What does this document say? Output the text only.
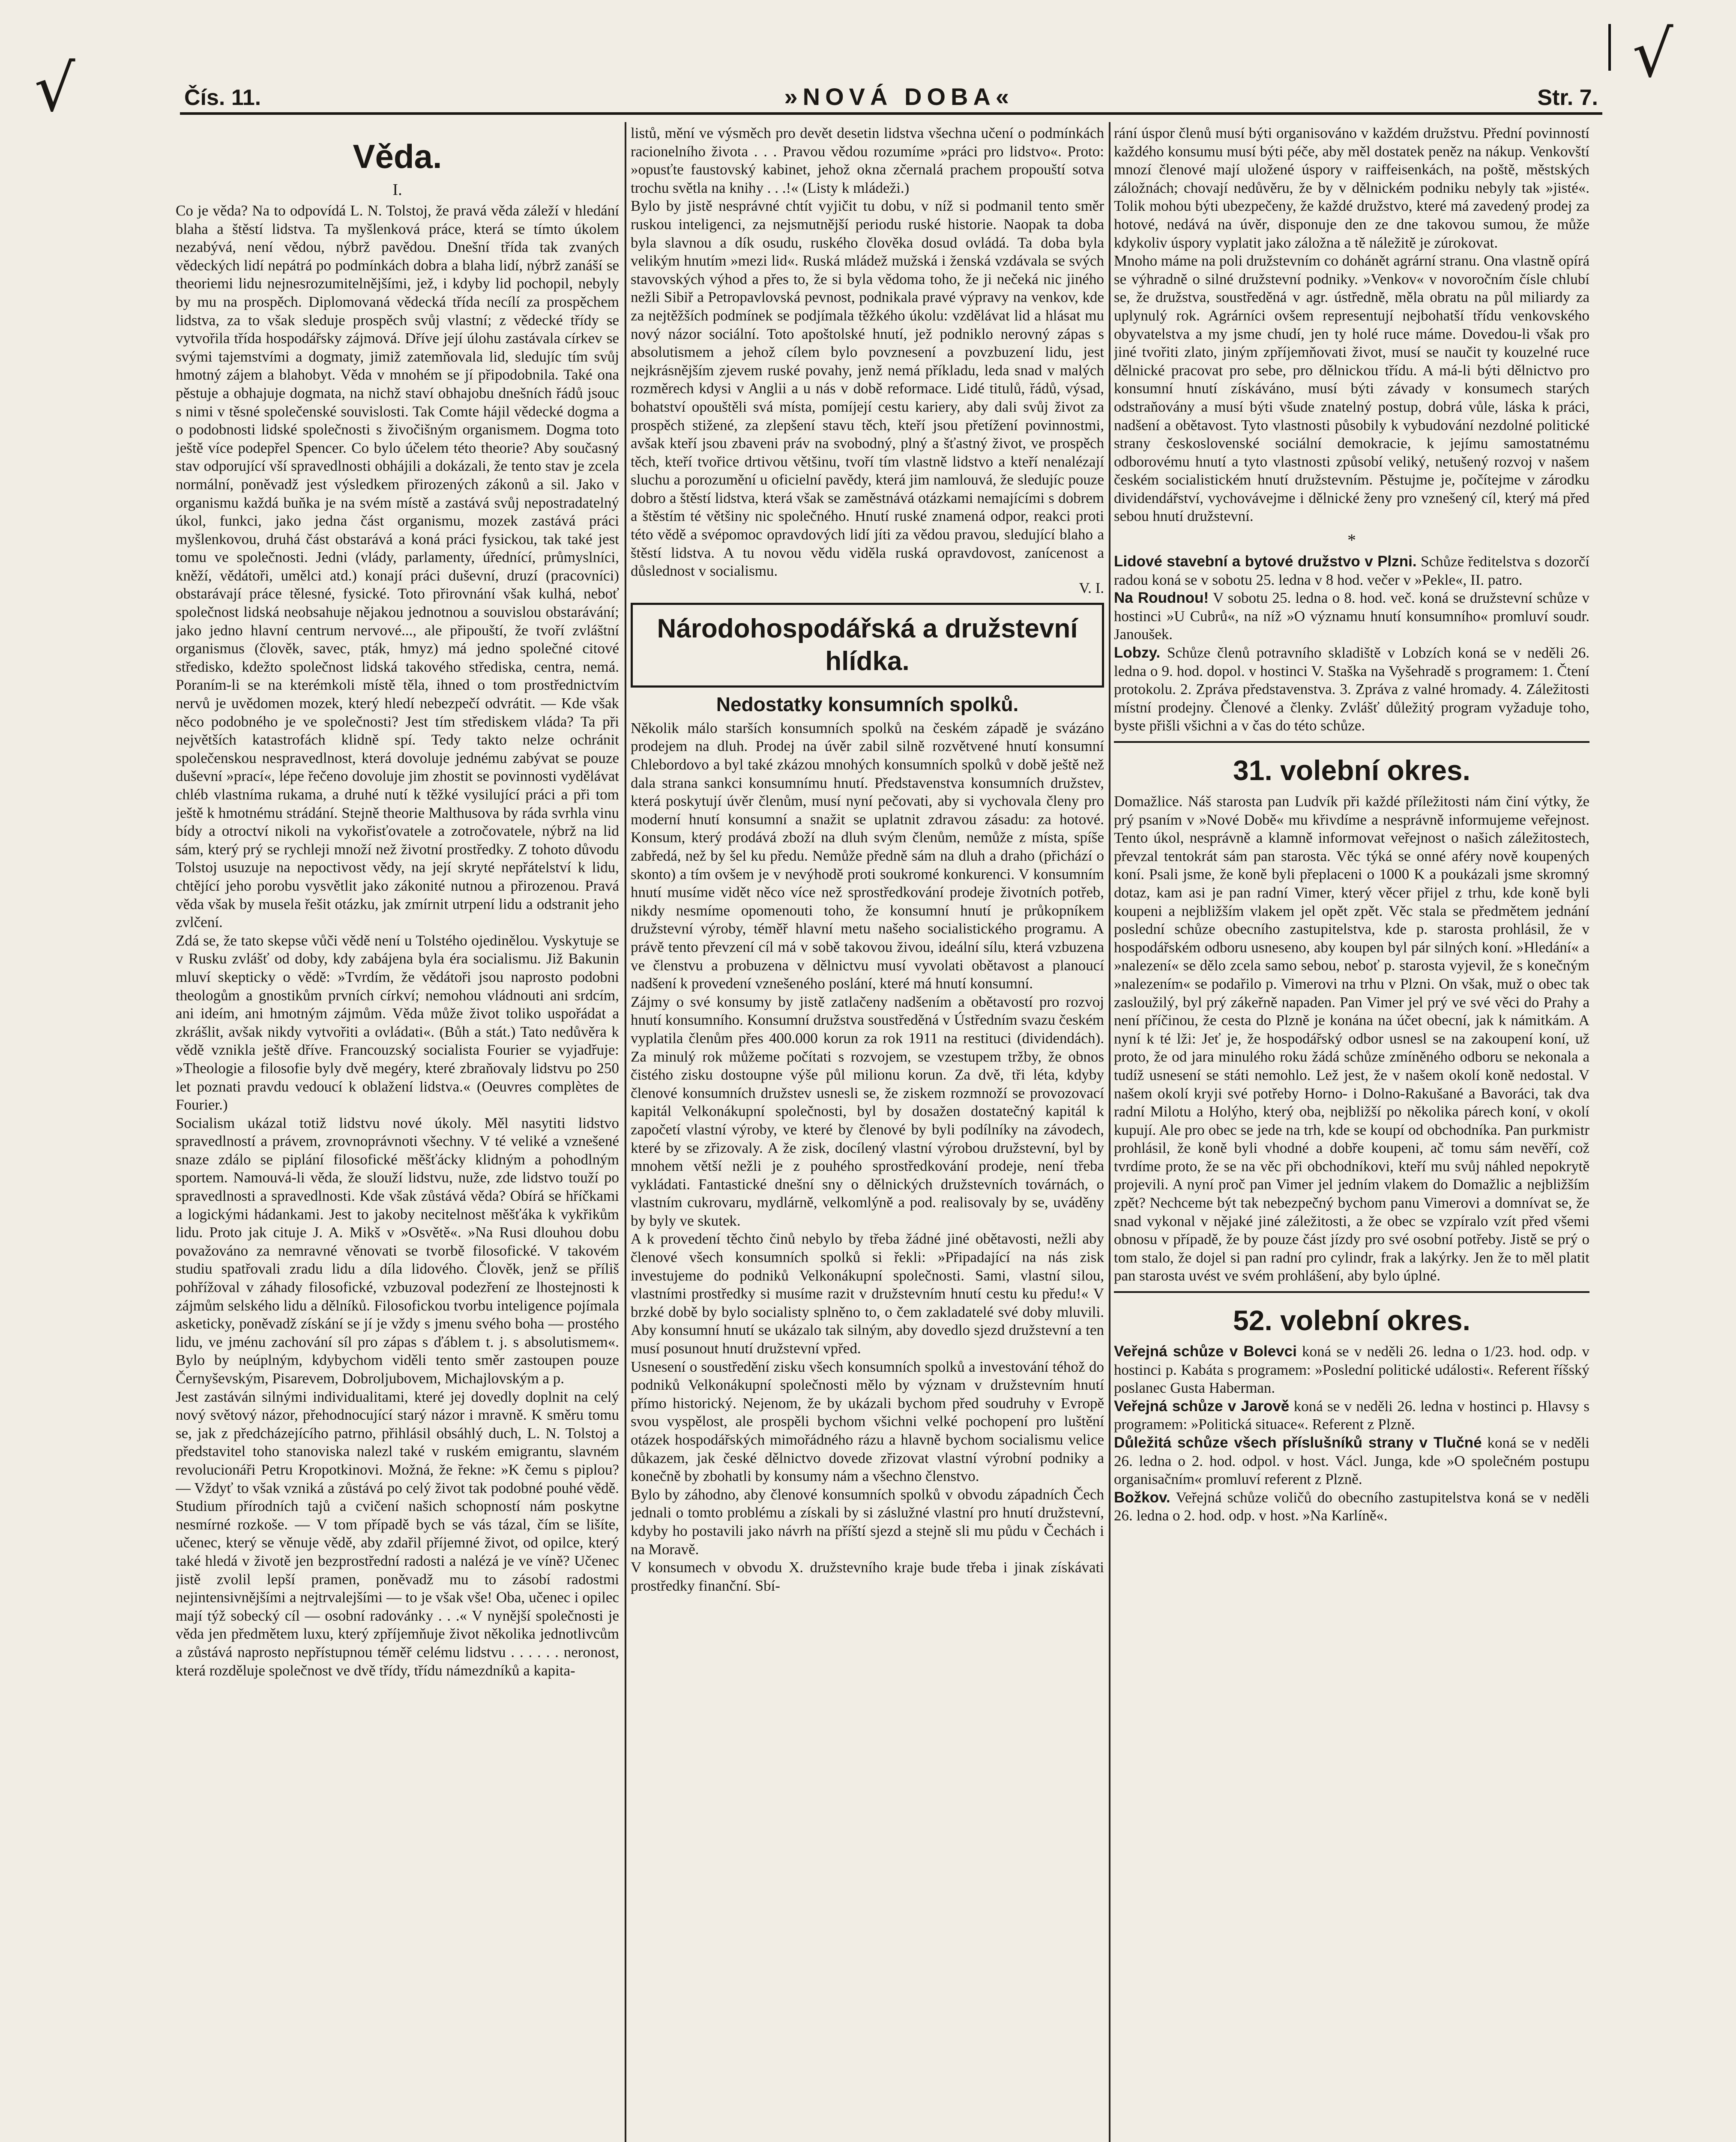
√	√
|
Čís. 11.	»NOVÁ DOBA«	Str. 7.
Věda.
I.

Co je věda? Na to odpovídá L. N. Tolstoj, že pravá věda záleží v hledání blaha a štěstí lidstva. Ta myšlenková práce, která se tímto úkolem nezabývá, není vědou, nýbrž pavědou. Dnešní třída tak zvaných vědeckých lidí nepátrá po podmínkách dobra a blaha lidí, nýbrž zanáší se theoriemi lidu nejnesrozumitelnějšími, jež, i kdyby lid pochopil, nebyly by mu na prospěch. Diplomovaná vědecká třída necílí za prospěchem lidstva, za to však sleduje prospěch svůj vlastní; z vědecké třídy se vytvořila třída hospodářsky zájmová. Dříve její úlohu zastávala církev se svými tajemstvími a dogmaty, jimiž zatemňovala lid, sledujíc tím svůj hmotný zájem a blahobyt. Věda v mnohém se jí připodobnila. Také ona pěstuje a obhajuje dogmata, na nichž staví obhajobu dnešních řádů jsouc s nimi v těsné společenské souvislosti. Tak Comte hájil vědecké dogma a o podobnosti lidské společnosti s živočišným organismem. Dogma toto ještě více podepřel Spencer. Co bylo účelem této theorie? Aby současný stav odporující vší spravedlnosti obhájili a dokázali, že tento stav je zcela normální, poněvadž jest výsledkem přirozených zákonů a sil. Jako v organismu každá buňka je na svém místě a zastává svůj nepostradatelný úkol, funkci, jako jedna část organismu, mozek zastává práci myšlenkovou, druhá část obstarává a koná práci fysickou, tak také jest tomu ve společnosti. Jedni (vlády, parlamenty, úřednící, průmyslníci, kněží, vědátoři, umělci atd.) konají práci duševní, druzí (pracovníci) obstarávají práce tělesné, fysické. Toto přirovnání však kulhá, neboť společnost lidská neobsahuje nějakou jednotnou a souvislou obstarávání; jako jedno hlavní centrum nervové..., ale připouští, že tvoří zvláštní organismus (člověk, savec, pták, hmyz) má jedno společné citové středisko, kdežto společnost lidská takového střediska, centra, nemá. Poraním-li se na kterémkoli místě těla, ihned o tom prostřednictvím nervů je uvědomen mozek, který hledí nebezpečí odvrátit. — Kde však něco podobného je ve společnosti? Jest tím střediskem vláda? Ta při největších katastrofách klidně spí. Tedy takto nelze ochránit společenskou nespravedlnost, která dovoluje jednému zabývat se pouze duševní »prací«, lépe řečeno dovoluje jim zhostit se povinnosti vydělávat chléb vlastníma rukama, a druhé nutí k těžké vysilující práci a při tom ještě k hmotnému strádání. Stejně theorie Malthusova by ráda svrhla vinu bídy a otroctví nikoli na vykořisťovatele a zotročovatele, nýbrž na lid sám, který prý se rychleji množí než životní prostředky. Z tohoto důvodu Tolstoj usuzuje na nepoctivost vědy, na její skryté nepřátelství k lidu, chtějící jeho porobu vysvětlit jako zákonité nutnou a přirozenou. Pravá věda však by musela řešit otázku, jak zmírnit utrpení lidu a odstranit jeho zvlčení.

Zdá se, že tato skepse vůči vědě není u Tolstého ojedinělou. Vyskytuje se v Rusku zvlášť od doby, kdy zabájena byla éra socialismu. Již Bakunin mluví skepticky o vědě: »Tvrdím, že vědátoři jsou naprosto podobni theologům a gnostikům prvních církví; nemohou vládnouti ani srdcím, ani ideím, ani hmotným zájmům. Věda může život toliko uspořádat a zkrášlit, avšak nikdy vytvořiti a ovládati«. (Bůh a stát.) Tato nedůvěra k vědě vznikla ještě dříve. Francouzský socialista Fourier se vyjadřuje: »Theologie a filosofie byly dvě megéry, které zbraňovaly lidstvu po 250 let poznati pravdu vedoucí k oblažení lidstva.« (Oeuvres complètes de Fourier.)

Socialism ukázal totiž lidstvu nové úkoly. Měl nasytiti lidstvo spravedlností a právem, zrovnoprávnoti všechny. V té veliké a vznešené snaze zdálo se piplání filosofické měšťácky klidným a pohodlným sportem. Namouvá-li věda, že slouží lidstvu, nuže, zde lidstvo touží po spravedlnosti a spravedlnosti. Kde však zůstává věda? Obírá se hříčkami a logickými hádankami. Jest to jakoby necitelnost měšťáka k vykřikům lidu. Proto jak cituje J. A. Mikš v »Osvětě«. »Na Rusi dlouhou dobu považováno za nemravné věnovati se tvorbě filosofické. V takovém studiu spatřovali zradu lidu a díla lidového. Člověk, jenž se příliš pohřížoval v záhady filosofické, vzbuzoval podezření ze lhostejnosti k zájmům selského lidu a dělníků. Filosofickou tvorbu inteligence pojímala asketicky, poněvadž získání se jí je vždy s jmenu svého boha — prostého lidu, ve jménu zachování síl pro zápas s ďáblem t. j. s absolutismem«. Bylo by neúplným, kdybychom viděli tento směr zastoupen pouze Černyševským, Pisarevem, Dobroljubovem, Michajlovským a p.

Jest zastáván silnými individualitami, které jej dovedly doplnit na celý nový světový názor, přehodnocující starý názor i mravně. K směru tomu se, jak z předcházejícího patrno, přihlásil obsáhlý duch, L. N. Tolstoj a představitel toho stanoviska nalezl také v ruském emigrantu, slavném revolucionáři Petru Kropotkinovi. Možná, že řekne: »K čemu s piplou? — Vždyť to však vzniká a zůstává po celý život tak podobné pouhé vědě. Studium přírodních tajů a cvičení našich schopností nám poskytne nesmírné rozkoše. — V tom případě bych se vás tázal, čím se lišíte, učenec, který se věnuje vědě, aby zdařil příjemné život, od opilce, který také hledá v životě jen bezprostřední radosti a nalézá je ve víně? Učenec jistě zvolil lepší pramen, poněvadž mu to zásobí radostmi nejintensivnějšími a nejtrvalejšími — to je však vše! Oba, učenec i opilec mají týž sobecký cíl — osobní radovánky . . .« V nynější společnosti je věda jen předmětem luxu, který zpříjemňuje život několika jednotlivcům a zůstává naprosto nepřístupnou téměř celému lidstvu . . . . . . neronost, která rozděluje společnost ve dvě třídy, třídu námezdníků a kapita-

listů, mění ve výsměch pro devět desetin lidstva všechna učení o podmínkách racionelního života . . . Pravou vědou rozumíme »práci pro lidstvo«. Proto: »opusťte faustovský kabinet, jehož okna zčernalá prachem propouští sotva trochu světla na knihy . . .!« (Listy k mládeži.)

Bylo by jistě nesprávné chtít vyjičit tu dobu, v níž si podmanil tento směr ruskou inteligenci, za nejsmutnější periodu ruské historie. Naopak ta doba byla slavnou a dík osudu, ruského člověka dosud ovládá. Ta doba byla velikým hnutím »mezi lid«. Ruská mládež mužská i ženská vzdávala se svých stavovských výhod a přes to, že si byla vědoma toho, že ji nečeká nic jiného nežli Sibiř a Petropavlovská pevnost, podnikala pravé výpravy na venkov, kde za nejtěžších podmínek se podjímala těžkého úkolu: vzdělávat lid a hlásat mu nový názor sociální. Toto apoštolské hnutí, jež podniklo nerovný zápas s absolutismem a jehož cílem bylo povznesení a povzbuzení lidu, jest nejkrásnějším zjevem ruské povahy, jenž nemá příkladu, leda snad v malých rozměrech kdysi v Anglii a u nás v době reformace. Lidé titulů, řádů, výsad, bohatství opouštěli svá místa, pomíjejí cestu kariery, aby dali svůj život za prospěch stižené, za zlepšení stavu těch, kteří jsou přetížení povinnostmi, avšak kteří jsou zbaveni práv na svobodný, plný a šťastný život, ve prospěch těch, kteří tvořice drtivou většinu, tvoří tím vlastně lidstvo a kteří nenalézají sluchu a porozumění u oficielní pavědy, která jim namlouvá, že sledujíc pouze dobro a štěstí lidstva, která však se zaměstnává otázkami nemajícími s dobrem a štěstím té většiny nic společného. Hnutí ruské znamená odpor, reakci proti této vědě a svépomoc opravdových lidí jíti za vědou pravou, sledující blaho a štěstí lidstva. A tu novou vědu viděla ruská opravdovost, zanícenost a důslednost v socialismu.

V. I.
Národohospodářská a družstevní hlídka.
Nedostatky konsumních spolků.

Několik málo starších konsumních spolků na českém západě je svázáno prodejem na dluh. Prodej na úvěr zabil silně rozvětvené hnutí konsumní Chlebordovo a byl také zkázou mnohých konsumních spolků v době ještě než dala strana sankci konsumnímu hnutí. Představenstva konsumních družstev, která poskytují úvěr členům, musí nyní pečovati, aby si vychovala členy pro moderní hnutí konsumní a snažit se uplatnit zdravou zásadu: za hotové. Konsum, který prodává zboží na dluh svým členům, nemůže z místa, spíše zabředá, než by šel ku předu. Nemůže předně sám na dluh a draho (přichází o skonto) a tím ovšem je v nevýhodě proti soukromé konkurenci. V konsumním hnutí musíme vidět něco více než sprostředkování prodeje životních potřeb, nikdy nesmíme opomenouti toho, že konsumní hnutí je průkopníkem družstevní výroby, téměř hlavní metu našeho socialistického programu. A právě tento převzení cíl má v sobě takovou živou, ideální sílu, která vzbuzena ve členstvu a probuzena v dělnictvu musí vyvolati obětavost a planoucí nadšení k provedení vznešeného poslání, které má hnutí konsumní.

Zájmy o své konsumy by jistě zatlačeny nadšením a obětavostí pro rozvoj hnutí konsumního. Konsumní družstva soustředěná v Ústředním svazu českém vyplatila členům přes 400.000 korun za rok 1911 na restituci (dividendách). Za minulý rok můžeme počítati s rozvojem, se vzestupem tržby, že obnos čistého zisku dostoupne výše půl milionu korun. Za dvě, tři léta, kdyby členové konsumních družstev usnesli se, že ziskem rozmnoží se provozovací kapitál Velkonákupní společnosti, byl by dosažen dostatečný kapitál k započetí vlastní výroby, ve které by členové by byli podílníky na závodech, které by se zřizovaly. A že zisk, docílený vlastní výrobou družstevní, byl by mnohem větší nežli je z pouhého sprostředkování prodeje, není třeba vykládati. Fantastické dnešní sny o dělnických družstevních továrnách, o vlastním cukrovaru, mydlárně, velkomlýně a pod. realisovaly by se, uváděny by byly ve skutek.

A k provedení těchto činů nebylo by třeba žádné jiné obětavosti, nežli aby členové všech konsumních spolků si řekli: »Připadající na nás zisk investujeme do podniků Velkonákupní společnosti. Sami, vlastní silou, vlastními prostředky si musíme razit v družstevním hnutí cestu ku předu!« V brzké době by bylo socialisty splněno to, o čem zakladatelé své doby mluvili. Aby konsumní hnutí se ukázalo tak silným, aby dovedlo sjezd družstevní a ten musí posunout hnutí družstevní vpřed.

Usnesení o soustředění zisku všech konsumních spolků a investování téhož do podniků Velkonákupní společnosti mělo by význam v družstevním hnutí přímo historický. Nejenom, že by ukázali bychom před soudruhy v Evropě svou vyspělost, ale prospěli bychom všichni velké pochopení pro luštění otázek hospodářských mimořádného rázu a hlavně bychom socialismu velice důkazem, jak české dělnictvo dovede zřizovat vlastní výrobní podniky a konečně by zbohatli by konsumy nám a všechno členstvo.

Bylo by záhodno, aby členové konsumních spolků v obvodu západních Čech jednali o tomto problému a získali by si záslužné vlastní pro hnutí družstevní, kdyby ho postavili jako návrh na příští sjezd a stejně sli mu půdu v Čechách i na Moravě.

V konsumech v obvodu X. družstevního kraje bude třeba i jinak získávati prostředky finanční. Sbí-

rání úspor členů musí býti organisováno v každém družstvu. Přední povinností každého konsumu musí býti péče, aby měl dostatek peněz na nákup. Venkovští mnozí členové mají uložené úspory v raiffeisenkách, na poště, městských záložnách; chovají nedůvěru, že by v dělnickém podniku nebyly tak »jisté«. Tolik mohou býti ubezpečeny, že každé družstvo, které má zavedený prodej za hotové, nedává na úvěr, disponuje den ze dne takovou sumou, že může kdykoliv úspory vyplatit jako záložna a tě náležitě je zúrokovat.

Mnoho máme na poli družstevním co dohánět agrární stranu. Ona vlastně opírá se výhradně o silné družstevní podniky. »Venkov« v novoročním čísle chlubí se, že družstva, soustředěná v agr. ústředně, měla obratu na půl miliardy za uplynulý rok. Agrárníci ovšem representují nejbohatší třídu venkovského obyvatelstva a my jsme chudí, jen ty holé ruce máme. Dovedou-li však pro jiné tvořiti zlato, jiným zpříjemňovati život, musí se naučit ty kouzelné ruce dělnické pracovat pro sebe, pro dělnickou třídu. A má-li býti dělnictvo pro konsumní hnutí získáváno, musí býti závady v konsumech starých odstraňovány a musí býti všude znatelný postup, dobrá vůle, láska k práci, nadšení a obětavost. Tyto vlastnosti působily k vybudování nezdolné politické strany československé sociální demokracie, k jejímu samostatnému odborovému hnutí a tyto vlastnosti způsobí veliký, netušený rozvoj v našem českém socialistickém hnutí družstevním. Pěstujme je, počítejme v zárodku dividendářství, vychovávejme i dělnické ženy pro vznešený cíl, který má před sebou hnutí družstevní.

*

Lidové stavební a bytové družstvo v Plzni. Schůze ředitelstva s dozorčí radou koná se v sobotu 25. ledna v 8 hod. večer v »Pekle«, II. patro.

Na Roudnou! V sobotu 25. ledna o 8. hod. več. koná se družstevní schůze v hostinci »U Cubrů«, na níž »O významu hnutí konsumního« promluví soudr. Janoušek.

Lobzy. Schůze členů potravního skladiště v Lobzích koná se v neděli 26. ledna o 9. hod. dopol. v hostinci V. Staška na Vyšehradě s programem: 1. Čtení protokolu. 2. Zpráva představenstva. 3. Zpráva z valné hromady. 4. Záležitosti místní prodejny. Členové a členky. Zvlášť důležitý program vyžaduje toho, byste přišli všichni a v čas do této schůze.

31. volební okres.

Domažlice. Náš starosta pan Ludvík při každé příležitosti nám činí výtky, že prý psaním v »Nové Době« mu křivdíme a nesprávně informujeme veřejnost. Tento úkol, nesprávně a klamně informovat veřejnost o našich záležitostech, převzal tentokrát sám pan starosta. Věc týká se onné aféry nově koupených koní. Psali jsme, že koně byli přeplaceni o 1000 K a poukázali jsme skromný dotaz, kam asi je pan radní Vimer, který věcer přijel z trhu, kde koně byli koupeni a nejbližším vlakem jel opět zpět. Věc stala se předmětem jednání poslední schůze obecního zastupitelstva, kde p. starosta prohlásil, že v hospodářském odboru usneseno, aby koupen byl pár silných koní. »Hledání« a »nalezení« se dělo zcela samo sebou, neboť p. starosta vyjevil, že s konečným »nalezením« se podařilo p. Vimerovi na trhu v Plzni. On však, muž o obec tak zasloužilý, byl prý zákeřně napaden. Pan Vimer jel prý ve své věci do Prahy a není příčinou, že cesta do Plzně je konána na účet obecní, jak k námitkám. A nyní k té lži: Jeť je, že hospodářský odbor usnesl se na zakoupení koní, už proto, že od jara minulého roku žádá schůze zmíněného odboru se nekonala a tudíž usnesení se státi nemohlo. Lež jest, že v našem okolí koně nedostal. V našem okolí kryji své potřeby Horno- i Dolno-Rakušané a Bavoráci, tak dva radní Milotu a Holýho, který oba, nejbližší po několika párech koní, v okolí kupují. Ale pro obec se jede na trh, kde se koupí od obchodníka. Pan purkmistr prohlásil, že koně byli vhodné a dobře koupeni, ač tomu sám nevěří, což tvrdíme proto, že se na věc při obchodníkovi, kteří mu svůj náhled nepokrytě projevili. A nyní proč pan Vimer jel jedním vlakem do Domažlic a nejbližším zpět? Nechceme být tak nebezpečný bychom panu Vimerovi a domnívat se, že snad vykonal v nějaké jiné záležitosti, a že obec se vzpíralo vzít před všemi obnosu v případě, že by pouze část jízdy pro své osobní potřeby. Jistě se prý o tom stalo, že dojel si pan radní pro cylindr, frak a lakýrky. Jen že to měl platit pan starosta uvést ve svém prohlášení, aby bylo úplné.

52. volební okres.

Veřejná schůze v Bolevci koná se v neděli 26. ledna o 1/23. hod. odp. v hostinci p. Kabáta s programem: »Poslední politické události«. Referent říšský poslanec Gusta Haberman.

Veřejná schůze v Jarově koná se v neděli 26. ledna v hostinci p. Hlavsy s programem: »Politická situace«. Referent z Plzně.

Důležitá schůze všech příslušníků strany v Tlučné koná se v neděli 26. ledna o 2. hod. odpol. v host. Václ. Junga, kde »O společném postupu organisačním« promluví referent z Plzně.

Božkov. Veřejná schůze voličů do obecního zastupitelstva koná se v neděli 26. ledna o 2. hod. odp. v host. »Na Karlíně«.
